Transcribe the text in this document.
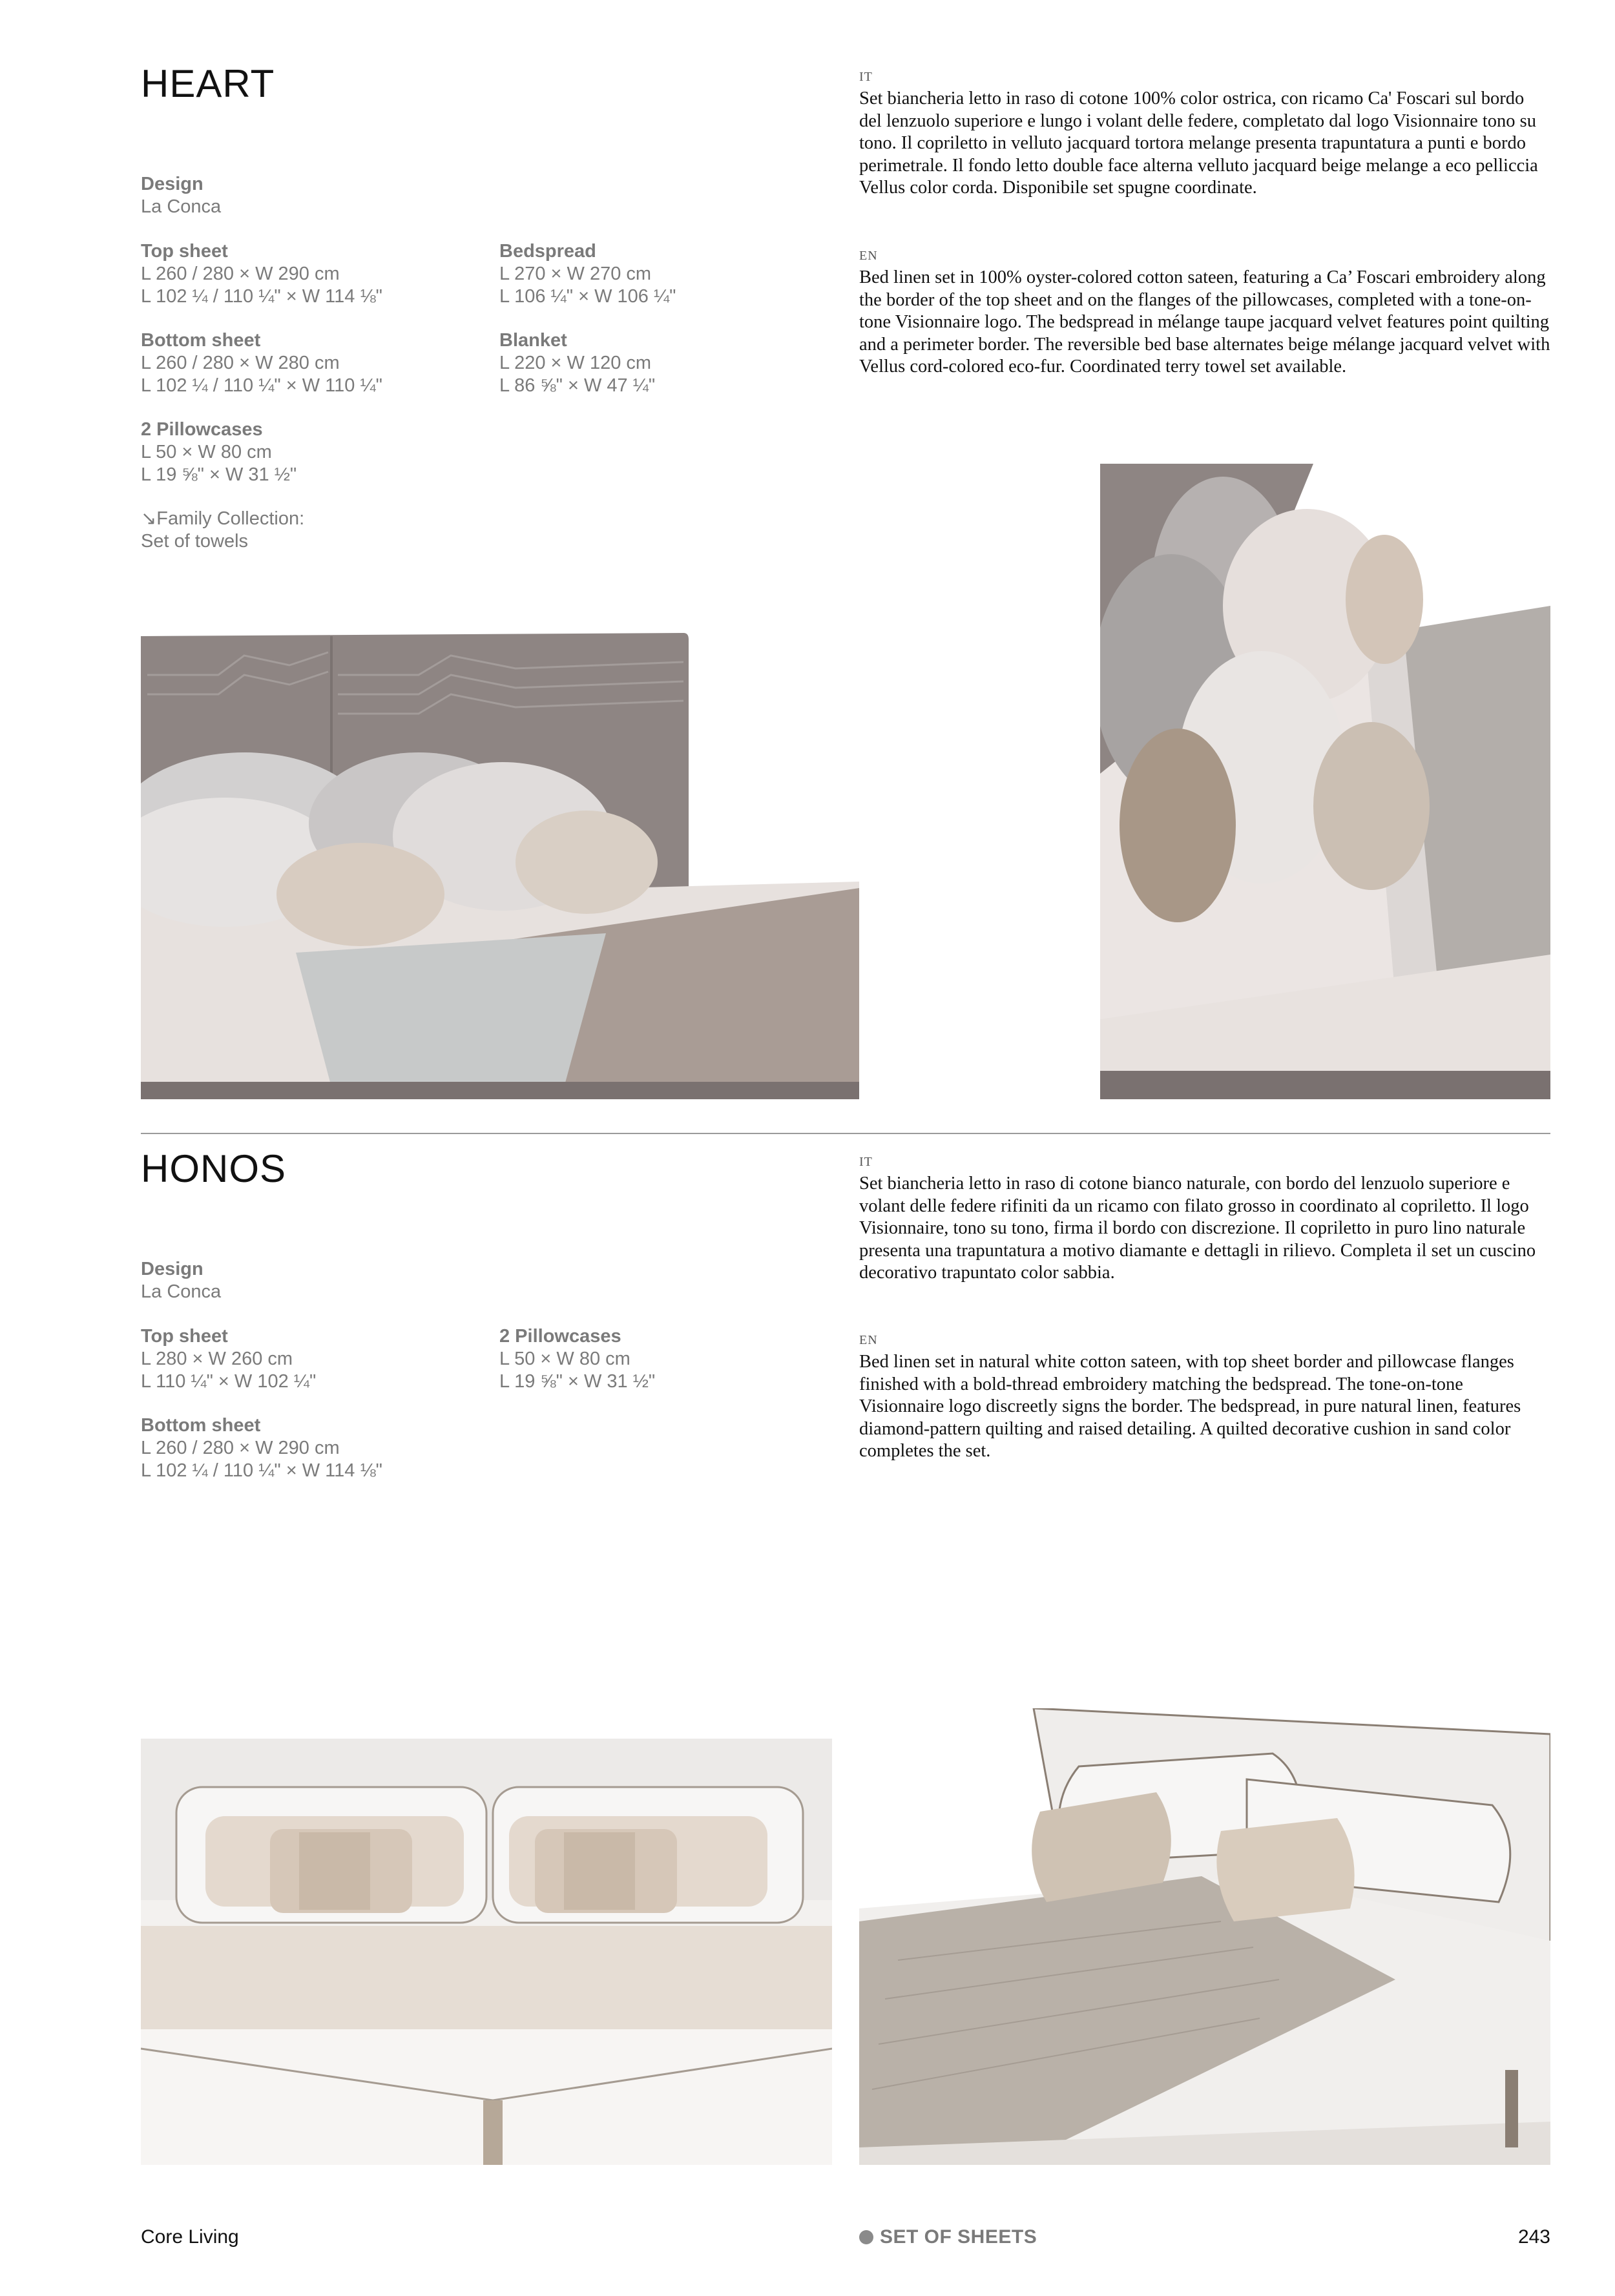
HEART
Design
La Conca
Top sheet
L 260 / 280 × W 290 cm
L 102 ¼ / 110 ¼" × W 114 ⅛"
Bedspread
L 270 × W 270 cm
L 106 ¼" × W 106 ¼"
Bottom sheet
L 260 / 280 × W 280 cm
L 102 ¼ / 110 ¼" × W 110 ¼"
Blanket
L 220 × W 120 cm
L 86 ⅝" × W 47 ¼"
2 Pillowcases
L 50 × W 80 cm
L 19 ⅝" × W 31 ½"
↘Family Collection:
Set of towels
IT

Set biancheria letto in raso di cotone 100% color ostrica, con ricamo Ca' Foscari sul bordo del lenzuolo superiore e lungo i volant delle federe, completato dal logo Visionnaire tono su tono. Il copriletto in velluto jacquard tortora melange presenta trapuntatura a punti e bordo perimetrale. Il fondo letto double face alterna velluto jacquard beige melange a eco pelliccia Vellus color corda. Disponibile set spugne coordinate.

EN

Bed linen set in 100% oyster-colored cotton sateen, featuring a Ca’ Foscari embroidery along the border of the top sheet and on the flanges of the pillowcases, completed with a tone-on-tone Visionnaire logo. The bedspread in mélange taupe jacquard velvet features point quilting and a perimeter border. The reversible bed base alternates beige mélange jacquard velvet with Vellus cord-colored eco-fur. Coordinated terry towel set available.

HONOS
Design
La Conca
Top sheet
L 280 × W 260 cm
L 110 ¼" × W 102 ¼"
2 Pillowcases
L 50 × W 80 cm
L 19 ⅝" × W 31 ½"
Bottom sheet
L 260 / 280 × W 290 cm
L 102 ¼ / 110 ¼" × W 114 ⅛"
IT

Set biancheria letto in raso di cotone bianco naturale, con bordo del lenzuolo superiore e volant delle federe rifiniti da un ricamo con filato grosso in coordinato al copriletto. Il logo Visionnaire, tono su tono, firma il bordo con discrezione. Il copriletto in puro lino naturale presenta una trapuntatura a motivo diamante e dettagli in rilievo. Completa il set un cuscino decorativo trapuntato color sabbia.

EN

Bed linen set in natural white cotton sateen, with top sheet border and pillowcase flanges finished with a bold-thread embroidery matching the bedspread. The tone-on-tone Visionnaire logo discreetly signs the border. The bedspread, in pure natural linen, features diamond-pattern quilting and raised detailing. A quilted decorative cushion in sand color completes the set.

Core Living	SET OF SHEETS	243
